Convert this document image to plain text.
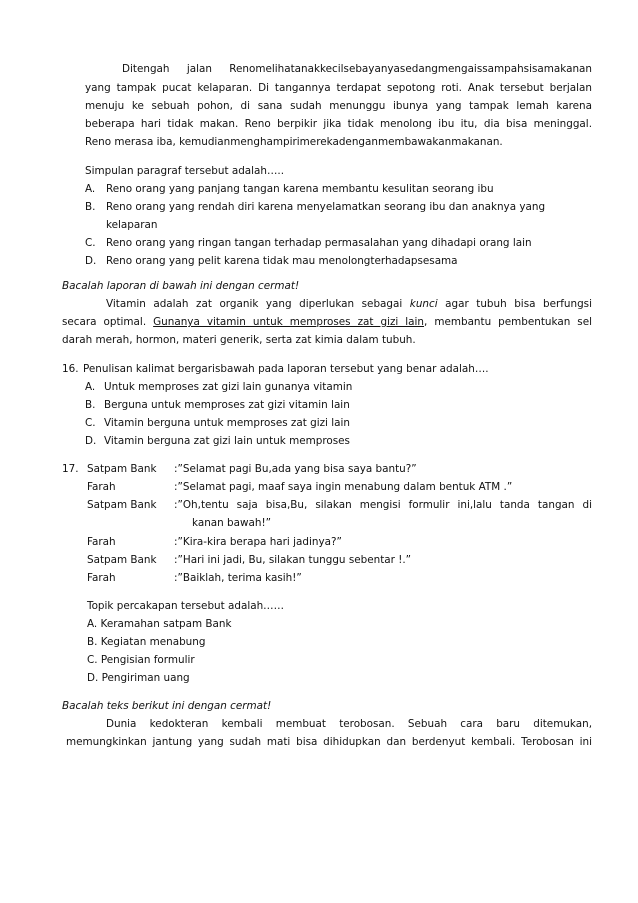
Ditengah jalan Renomelihatanakkecilsebayanyasedangmengaissampahsisamakanan
yang tampak pucat kelaparan. Di tangannya terdapat sepotong roti. Anak tersebut berjalan
menuju ke sebuah pohon, di sana sudah menunggu ibunya yang tampak lemah karena
beberapa hari tidak makan. Reno berpikir jika tidak menolong ibu itu, dia bisa meninggal.
Reno merasa iba, kemudianmenghampirimerekadenganmembawakanmakanan.
Simpulan paragraf tersebut adalah…..
A. Reno orang yang panjang tangan karena membantu kesulitan seorang ibu
B. Reno orang yang rendah diri karena menyelamatkan seorang ibu dan anaknya yang
kelaparan
C. Reno orang yang ringan tangan terhadap permasalahan yang dihadapi orang lain
D. Reno orang yang pelit karena tidak mau menolongterhadapsesama
Bacalah laporan di bawah ini dengan cermat!
Vitamin adalah zat organik yang diperlukan sebagai kunci agar tubuh bisa berfungsi
secara optimal. Gunanya vitamin untuk memproses zat gizi lain, membantu pembentukan sel
darah merah, hormon, materi generik, serta zat kimia dalam tubuh.
16. Penulisan kalimat bergarisbawah pada laporan tersebut yang benar adalah….
A. Untuk memproses zat gizi lain gunanya vitamin
B. Berguna untuk memproses zat gizi vitamin lain
C. Vitamin berguna untuk memproses zat gizi lain
D. Vitamin berguna zat gizi lain untuk memproses
17. Satpam Bank :”Selamat pagi Bu,ada yang bisa saya bantu?”
Farah	:”Selamat pagi, maaf saya ingin menabung dalam bentuk ATM .”
Satpam Bank :”Oh,tentu saja bisa,Bu, silakan mengisi formulir ini,lalu tanda tangan di
kanan bawah!”
Farah	:”Kira-kira berapa hari jadinya?”
Satpam Bank :”Hari ini jadi, Bu, silakan tunggu sebentar !.”
Farah	:”Baiklah, terima kasih!”
Topik percakapan tersebut adalah……
A. Keramahan satpam Bank
B. Kegiatan menabung
C. Pengisian formulir
D. Pengiriman uang
Bacalah teks berikut ini dengan cermat!
Dunia kedokteran kembali membuat terobosan. Sebuah cara baru ditemukan,
memungkinkan jantung yang sudah mati bisa dihidupkan dan berdenyut kembali. Terobosan ini
